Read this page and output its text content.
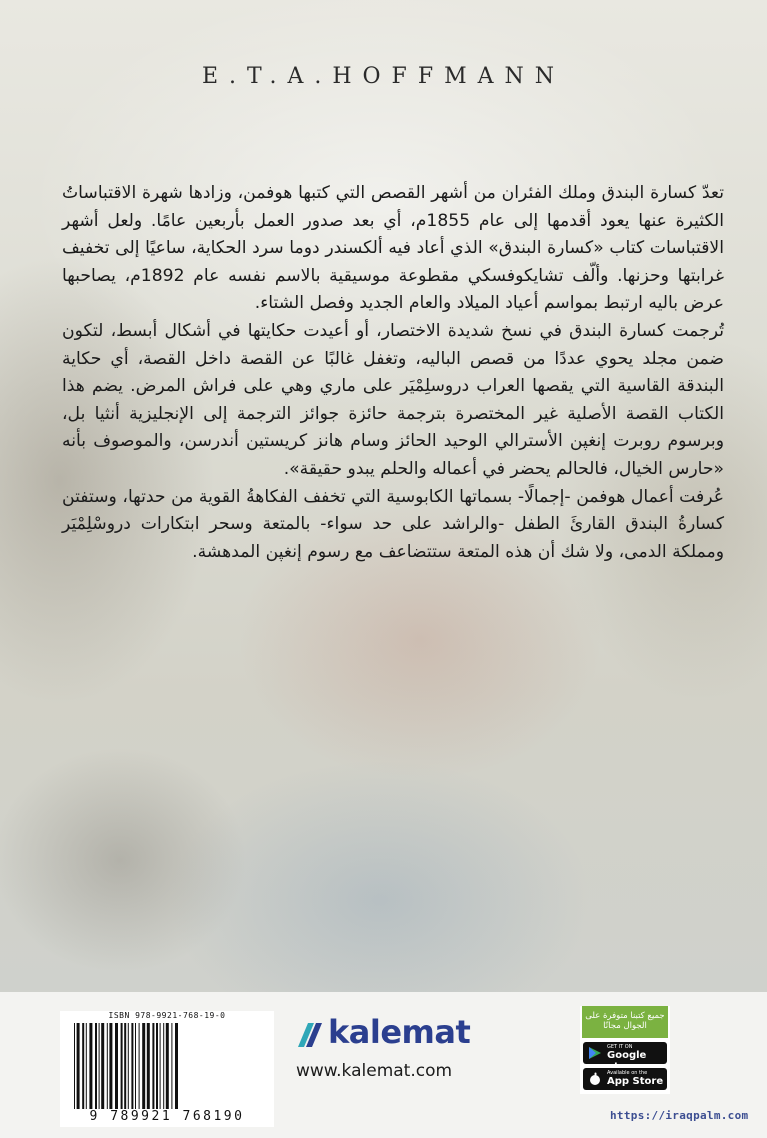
E.T.A.HOFFMANN

تعدّ كسارة البندق وملك الفئران من أشهر القصص التي كتبها هوفمن، وزادها شهرة الاقتباساتُ الكثيرة عنها يعود أقدمها إلى عام 1855م، أي بعد صدور العمل بأربعين عامًا. ولعل أشهر الاقتباسات كتاب «كسارة البندق» الذي أعاد فيه ألكسندر دوما سرد الحكاية، ساعيًا إلى تخفيف غرابتها وحزنها. وألّف تشايكوفسكي مقطوعة موسيقية بالاسم نفسه عام 1892م، يصاحبها عرض باليه ارتبط بمواسم أعياد الميلاد والعام الجديد وفصل الشتاء.

تُرجمت كسارة البندق في نسخ شديدة الاختصار، أو أعيدت حكايتها في أشكال أبسط، لتكون ضمن مجلد يحوي عددًا من قصص الباليه، وتغفل غالبًا عن القصة داخل القصة، أي حكاية البندقة القاسية التي يقصها العراب دروسلِمْيَر على ماري وهي على فراش المرض. يضم هذا الكتاب القصة الأصلية غير المختصرة بترجمة حائزة جوائز الترجمة إلى الإنجليزية أنثيا بل، وبرسوم روبرت إنغپن الأسترالي الوحيد الحائز وسام هانز كريستين أندرسن، والموصوف بأنه «حارس الخيال، فالحالم يحضر في أعماله والحلم يبدو حقيقة».

عُرفت أعمال هوفمن -إجمالًا- بسماتها الكابوسية التي تخفف الفكاهةُ القوية من حدتها، وستفتن كسارةُ البندق القارئَ الطفل -والراشد على حد سواء- بالمتعة وسحر ابتكارات دروسْلِمْيَر ومملكة الدمى، ولا شك أن هذه المتعة ستتضاعف مع رسوم إنغپن المدهشة.

ISBN 978-9921-768-19-0
9 789921 768190
kalemat
www.kalemat.com
جميع كتبنا متوفرة على الجوال مجانًا
GET IT ON
Google
Available on the
App Store
https://iraqpalm.com
